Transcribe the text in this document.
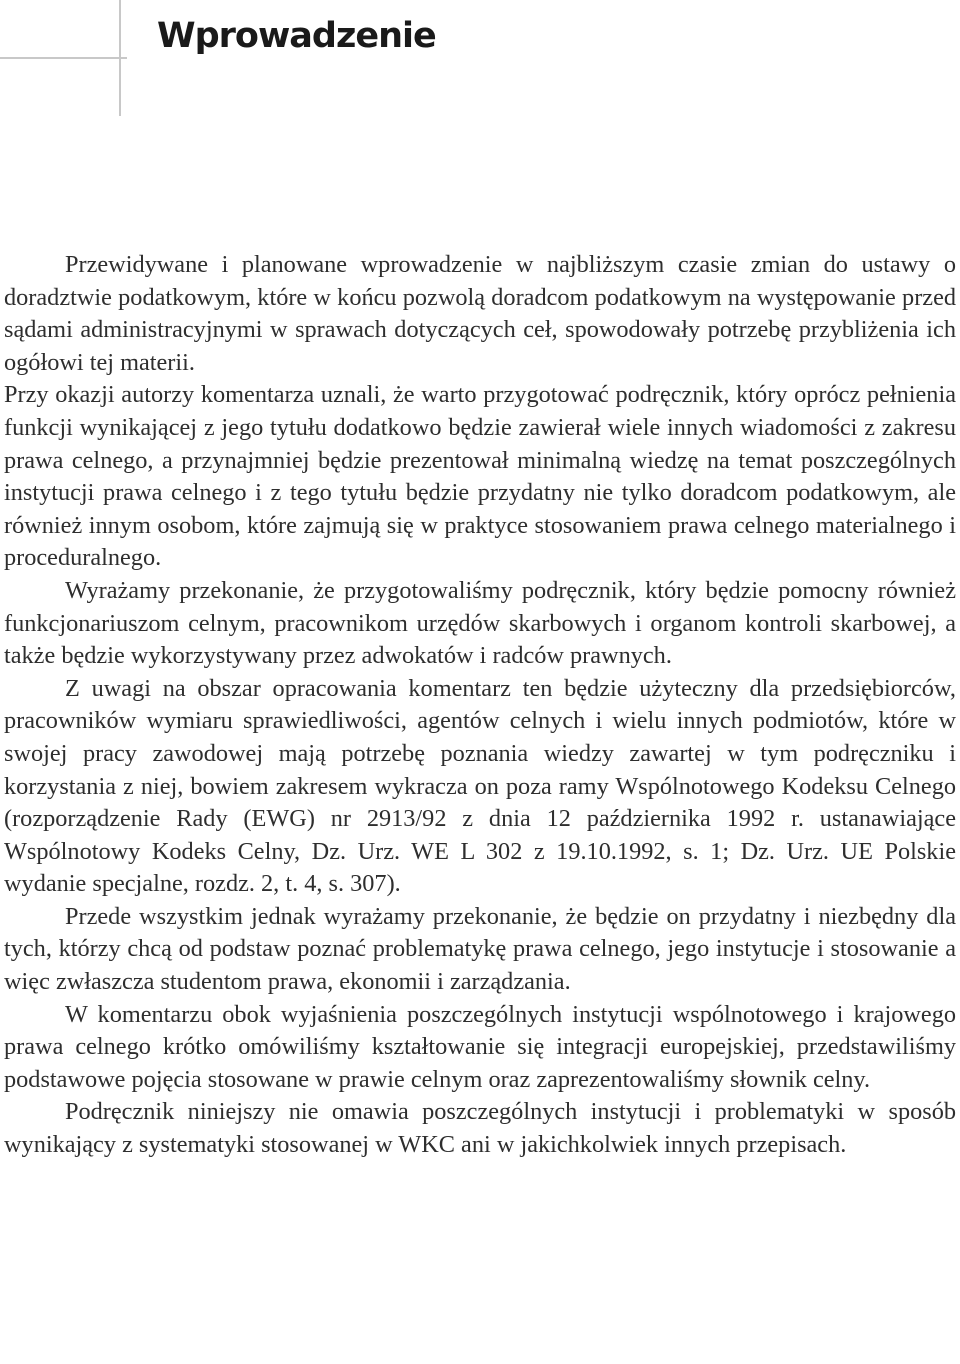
Wprowadzenie

Przewidywane i planowane wprowadzenie w najbliższym czasie zmian do ustawy o doradztwie podatkowym, które w końcu pozwolą doradcom podatkowym na występowanie przed sądami administracyjnymi w sprawach dotyczących ceł, spowodowały potrzebę przybliżenia ich ogółowi tej materii.

Przy okazji autorzy komentarza uznali, że warto przygotować podręcznik, który oprócz pełnienia funkcji wynikającej z jego tytułu dodatkowo będzie zawierał wiele innych wiadomości z zakresu prawa celnego, a przynajmniej będzie prezentował minimalną wiedzę na temat poszczególnych instytucji prawa celnego i z tego tytułu będzie przydatny nie tylko doradcom podatkowym, ale również innym osobom, które zajmują się w praktyce stosowaniem prawa celnego materialnego i proceduralnego.

Wyrażamy przekonanie, że przygotowaliśmy podręcznik, który będzie pomocny również funkcjonariuszom celnym, pracownikom urzędów skarbowych i organom kontroli skarbowej, a także będzie wykorzystywany przez adwokatów i radców prawnych.

Z uwagi na obszar opracowania komentarz ten będzie użyteczny dla przedsiębiorców, pracowników wymiaru sprawiedliwości, agentów celnych i wielu innych podmiotów, które w swojej pracy zawodowej mają potrzebę poznania wiedzy zawartej w tym podręczniku i korzystania z niej, bowiem zakresem wykracza on poza ramy Wspólnotowego Kodeksu Celnego (rozporządzenie Rady (EWG) nr 2913/92 z dnia 12 października 1992 r. ustanawiające Wspólnotowy Kodeks Celny, Dz. Urz. WE L 302 z 19.10.1992, s. 1; Dz. Urz. UE Polskie wydanie specjalne, rozdz. 2, t. 4, s. 307).

Przede wszystkim jednak wyrażamy przekonanie, że będzie on przydatny i niezbędny dla tych, którzy chcą od podstaw poznać problematykę prawa celnego, jego instytucje i stosowanie a więc zwłaszcza studentom prawa, ekonomii i zarządzania.

W komentarzu obok wyjaśnienia poszczególnych instytucji wspólnotowego i krajowego prawa celnego krótko omówiliśmy kształtowanie się integracji europejskiej, przedstawiliśmy podstawowe pojęcia stosowane w prawie celnym oraz zaprezentowaliśmy słownik celny.

Podręcznik niniejszy nie omawia poszczególnych instytucji i problematyki w sposób wynikający z systematyki stosowanej w WKC ani w jakichkolwiek innych przepisach.
